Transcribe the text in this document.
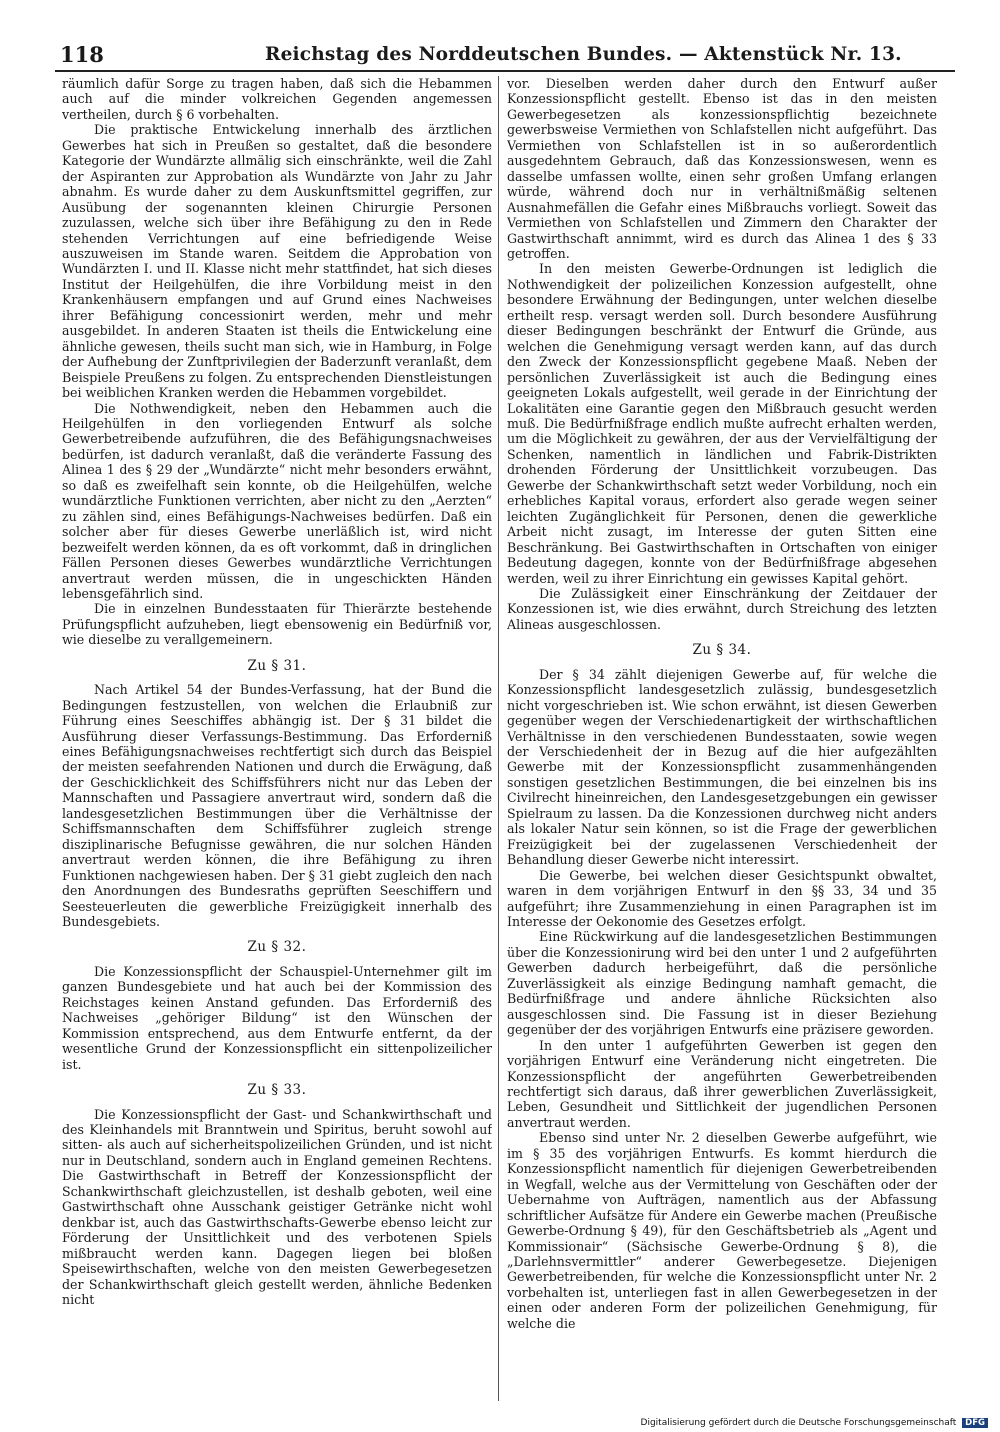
118	Reichstag des Norddeutschen Bundes. — Aktenstück Nr. 13.

räumlich dafür Sorge zu tragen haben, daß sich die Hebammen auch auf die minder volkreichen Gegenden angemessen vertheilen, durch § 6 vorbehalten.

Die praktische Entwickelung innerhalb des ärztlichen Gewerbes hat sich in Preußen so gestaltet, daß die besondere Kategorie der Wundärzte allmälig sich einschränkte, weil die Zahl der Aspiranten zur Approbation als Wundärzte von Jahr zu Jahr abnahm. Es wurde daher zu dem Auskunftsmittel gegriffen, zur Ausübung der sogenannten kleinen Chirurgie Personen zuzulassen, welche sich über ihre Befähigung zu den in Rede stehenden Verrichtungen auf eine befriedigende Weise auszuweisen im Stande waren. Seitdem die Approbation von Wundärzten I. und II. Klasse nicht mehr stattfindet, hat sich dieses Institut der Heilgehülfen, die ihre Vorbildung meist in den Krankenhäusern empfangen und auf Grund eines Nachweises ihrer Befähigung concessionirt werden, mehr und mehr ausgebildet. In anderen Staaten ist theils die Entwickelung eine ähnliche gewesen, theils sucht man sich, wie in Hamburg, in Folge der Aufhebung der Zunftprivilegien der Baderzunft veranlaßt, dem Beispiele Preußens zu folgen. Zu entsprechenden Dienstleistungen bei weiblichen Kranken werden die Hebammen vorgebildet.

Die Nothwendigkeit, neben den Hebammen auch die Heilgehülfen in den vorliegenden Entwurf als solche Gewerbetreibende aufzuführen, die des Befähigungsnachweises bedürfen, ist dadurch veranlaßt, daß die veränderte Fassung des Alinea 1 des § 29 der „Wundärzte“ nicht mehr besonders erwähnt, so daß es zweifelhaft sein konnte, ob die Heilgehülfen, welche wundärztliche Funktionen verrichten, aber nicht zu den „Aerzten“ zu zählen sind, eines Befähigungs-Nachweises bedürfen. Daß ein solcher aber für dieses Gewerbe unerläßlich ist, wird nicht bezweifelt werden können, da es oft vorkommt, daß in dringlichen Fällen Personen dieses Gewerbes wundärztliche Verrichtungen anvertraut werden müssen, die in ungeschickten Händen lebensgefährlich sind.

Die in einzelnen Bundesstaaten für Thierärzte bestehende Prüfungspflicht aufzuheben, liegt ebensowenig ein Bedürfniß vor, wie dieselbe zu verallgemeinern.

Zu § 31.

Nach Artikel 54 der Bundes-Verfassung, hat der Bund die Bedingungen festzustellen, von welchen die Erlaubniß zur Führung eines Seeschiffes abhängig ist. Der § 31 bildet die Ausführung dieser Verfassungs-Bestimmung. Das Erforderniß eines Befähigungsnachweises rechtfertigt sich durch das Beispiel der meisten seefahrenden Nationen und durch die Erwägung, daß der Geschicklichkeit des Schiffsführers nicht nur das Leben der Mannschaften und Passagiere anvertraut wird, sondern daß die landesgesetzlichen Bestimmungen über die Verhältnisse der Schiffsmannschaften dem Schiffsführer zugleich strenge disziplinarische Befugnisse gewähren, die nur solchen Händen anvertraut werden können, die ihre Befähigung zu ihren Funktionen nachgewiesen haben. Der § 31 giebt zugleich den nach den Anordnungen des Bundesraths geprüften Seeschiffern und Seesteuerleuten die gewerbliche Freizügigkeit innerhalb des Bundesgebiets.

Zu § 32.

Die Konzessionspflicht der Schauspiel-Unternehmer gilt im ganzen Bundesgebiete und hat auch bei der Kommission des Reichstages keinen Anstand gefunden. Das Erforderniß des Nachweises „gehöriger Bildung“ ist den Wünschen der Kommission entsprechend, aus dem Entwurfe entfernt, da der wesentliche Grund der Konzessionspflicht ein sittenpolizeilicher ist.

Zu § 33.

Die Konzessionspflicht der Gast- und Schankwirthschaft und des Kleinhandels mit Branntwein und Spiritus, beruht sowohl auf sitten- als auch auf sicherheitspolizeilichen Gründen, und ist nicht nur in Deutschland, sondern auch in England gemeinen Rechtens. Die Gastwirthschaft in Betreff der Konzessionspflicht der Schankwirthschaft gleichzustellen, ist deshalb geboten, weil eine Gastwirthschaft ohne Ausschank geistiger Getränke nicht wohl denkbar ist, auch das Gastwirthschafts-Gewerbe ebenso leicht zur Förderung der Unsittlichkeit und des verbotenen Spiels mißbraucht werden kann. Dagegen liegen bei bloßen Speisewirthschaften, welche von den meisten Gewerbegesetzen der Schankwirthschaft gleich gestellt werden, ähnliche Bedenken nicht

vor. Dieselben werden daher durch den Entwurf außer Konzessionspflicht gestellt. Ebenso ist das in den meisten Gewerbegesetzen als konzessionspflichtig bezeichnete gewerbsweise Vermiethen von Schlafstellen nicht aufgeführt. Das Vermiethen von Schlafstellen ist in so außerordentlich ausgedehntem Gebrauch, daß das Konzessionswesen, wenn es dasselbe umfassen wollte, einen sehr großen Umfang erlangen würde, während doch nur in verhältnißmäßig seltenen Ausnahmefällen die Gefahr eines Mißbrauchs vorliegt. Soweit das Vermiethen von Schlafstellen und Zimmern den Charakter der Gastwirthschaft annimmt, wird es durch das Alinea 1 des § 33 getroffen.

In den meisten Gewerbe-Ordnungen ist lediglich die Nothwendigkeit der polizeilichen Konzession aufgestellt, ohne besondere Erwähnung der Bedingungen, unter welchen dieselbe ertheilt resp. versagt werden soll. Durch besondere Ausführung dieser Bedingungen beschränkt der Entwurf die Gründe, aus welchen die Genehmigung versagt werden kann, auf das durch den Zweck der Konzessionspflicht gegebene Maaß. Neben der persönlichen Zuverlässigkeit ist auch die Bedingung eines geeigneten Lokals aufgestellt, weil gerade in der Einrichtung der Lokalitäten eine Garantie gegen den Mißbrauch gesucht werden muß. Die Bedürfnißfrage endlich mußte aufrecht erhalten werden, um die Möglichkeit zu gewähren, der aus der Vervielfältigung der Schenken, namentlich in ländlichen und Fabrik-Distrikten drohenden Förderung der Unsittlichkeit vorzubeugen. Das Gewerbe der Schankwirthschaft setzt weder Vorbildung, noch ein erhebliches Kapital voraus, erfordert also gerade wegen seiner leichten Zugänglichkeit für Personen, denen die gewerkliche Arbeit nicht zusagt, im Interesse der guten Sitten eine Beschränkung. Bei Gastwirthschaften in Ortschaften von einiger Bedeutung dagegen, konnte von der Bedürfnißfrage abgesehen werden, weil zu ihrer Einrichtung ein gewisses Kapital gehört.

Die Zulässigkeit einer Einschränkung der Zeitdauer der Konzessionen ist, wie dies erwähnt, durch Streichung des letzten Alineas ausgeschlossen.

Zu § 34.

Der § 34 zählt diejenigen Gewerbe auf, für welche die Konzessionspflicht landesgesetzlich zulässig, bundesgesetzlich nicht vorgeschrieben ist. Wie schon erwähnt, ist diesen Gewerben gegenüber wegen der Verschiedenartigkeit der wirthschaftlichen Verhältnisse in den verschiedenen Bundesstaaten, sowie wegen der Verschiedenheit der in Bezug auf die hier aufgezählten Gewerbe mit der Konzessionspflicht zusammenhängenden sonstigen gesetzlichen Bestimmungen, die bei einzelnen bis ins Civilrecht hineinreichen, den Landesgesetzgebungen ein gewisser Spielraum zu lassen. Da die Konzessionen durchweg nicht anders als lokaler Natur sein können, so ist die Frage der gewerblichen Freizügigkeit bei der zugelassenen Verschiedenheit der Behandlung dieser Gewerbe nicht interessirt.

Die Gewerbe, bei welchen dieser Gesichtspunkt obwaltet, waren in dem vorjährigen Entwurf in den §§ 33, 34 und 35 aufgeführt; ihre Zusammenziehung in einen Paragraphen ist im Interesse der Oekonomie des Gesetzes erfolgt.

Eine Rückwirkung auf die landesgesetzlichen Bestimmungen über die Konzessionirung wird bei den unter 1 und 2 aufgeführten Gewerben dadurch herbeigeführt, daß die persönliche Zuverlässigkeit als einzige Bedingung namhaft gemacht, die Bedürfnißfrage und andere ähnliche Rücksichten also ausgeschlossen sind. Die Fassung ist in dieser Beziehung gegenüber der des vorjährigen Entwurfs eine präzisere geworden.

In den unter 1 aufgeführten Gewerben ist gegen den vorjährigen Entwurf eine Veränderung nicht eingetreten. Die Konzessionspflicht der angeführten Gewerbetreibenden rechtfertigt sich daraus, daß ihrer gewerblichen Zuverlässigkeit, Leben, Gesundheit und Sittlichkeit der jugendlichen Personen anvertraut werden.

Ebenso sind unter Nr. 2 dieselben Gewerbe aufgeführt, wie im § 35 des vorjährigen Entwurfs. Es kommt hierdurch die Konzessionspflicht namentlich für diejenigen Gewerbetreibenden in Wegfall, welche aus der Vermittelung von Geschäften oder der Uebernahme von Aufträgen, namentlich aus der Abfassung schriftlicher Aufsätze für Andere ein Gewerbe machen (Preußische Gewerbe-Ordnung § 49), für den Geschäftsbetrieb als „Agent und Kommissionair“ (Sächsische Gewerbe-Ordnung § 8), die „Darlehnsvermittler“ anderer Gewerbegesetze. Diejenigen Gewerbetreibenden, für welche die Konzessionspflicht unter Nr. 2 vorbehalten ist, unterliegen fast in allen Gewerbegesetzen in der einen oder anderen Form der polizeilichen Genehmigung, für welche die

Digitalisierung gefördert durch die Deutsche Forschungsgemeinschaft DFG
